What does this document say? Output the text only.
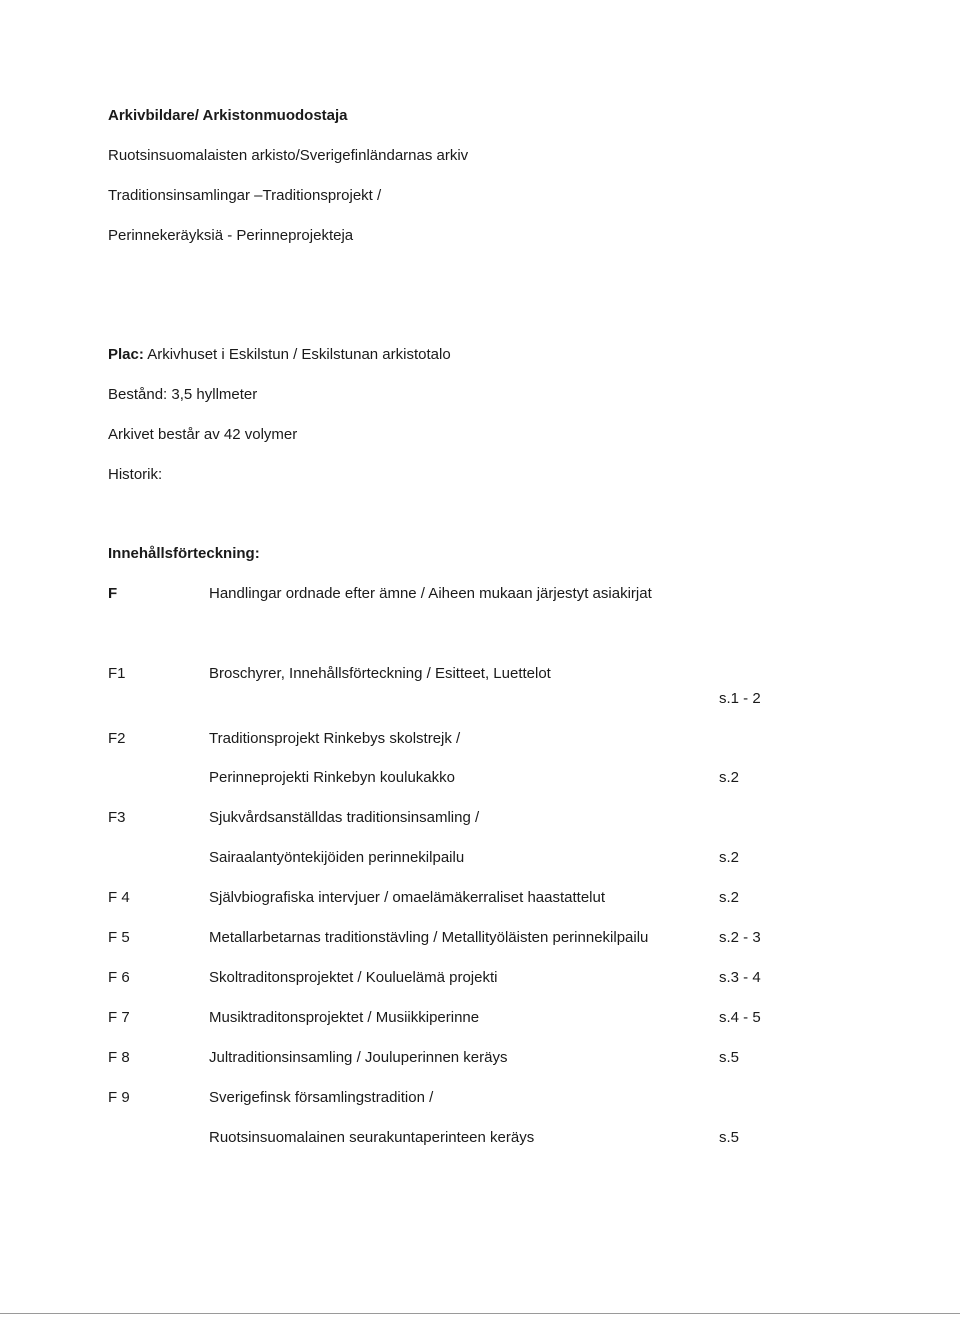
Arkivbildare/ Arkistonmuodostaja
Ruotsinsuomalaisten arkisto/Sverigefinländarnas arkiv
Traditionsinsamlingar –Traditionsprojekt /
Perinnekeräyksiä - Perinneprojekteja
Plac: Arkivhuset i Eskilstun / Eskilstunan arkistotalo
Bestånd: 3,5 hyllmeter
Arkivet består av 42 volymer
Historik:
Innehållsförteckning:
F	Handlingar ordnade efter ämne / Aiheen mukaan järjestyt asiakirjat
F1	Broschyrer, Innehållsförteckning / Esitteet, Luettelot
s.1 - 2
F2	Traditionsprojekt Rinkebys skolstrejk /
Perinneprojekti Rinkebyn koulukakko	s.2
F3	Sjukvårdsanställdas traditionsinsamling /
Sairaalantyöntekijöiden perinnekilpailu	s.2
F 4	Självbiografiska intervjuer / omaelämäkerraliset haastattelut	s.2
F 5	Metallarbetarnas traditionstävling / Metallityöläisten perinnekilpailu	s.2 - 3
F 6	Skoltraditonsprojektet / Kouluelämä projekti	s.3 - 4
F 7	Musiktraditonsprojektet / Musiikkiperinne	s.4 - 5
F 8	Jultraditionsinsamling / Jouluperinnen keräys	s.5
F 9	Sverigefinsk församlingstradition /
Ruotsinsuomalainen seurakuntaperinteen keräys	s.5
